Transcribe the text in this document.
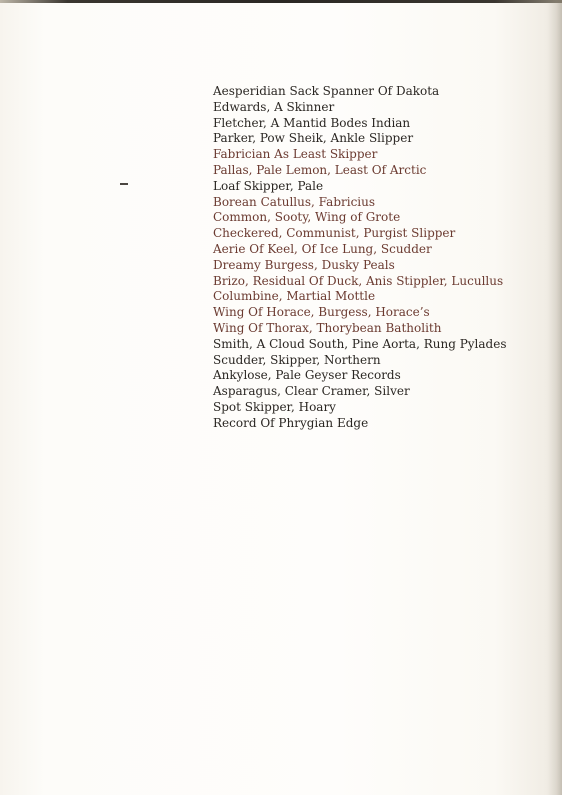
Aesperidian Sack Spanner Of Dakota
Edwards, A Skinner
Fletcher, A Mantid Bodes Indian
Parker, Pow Sheik, Ankle Slipper
Fabrician As Least Skipper
Pallas, Pale Lemon, Least Of Arctic
Loaf Skipper, Pale
Borean Catullus, Fabricius
Common, Sooty, Wing of Grote
Checkered, Communist, Purgist Slipper
Aerie Of Keel, Of Ice Lung, Scudder
Dreamy Burgess, Dusky Peals
Brizo, Residual Of Duck, Anis Stippler, Lucullus
Columbine, Martial Mottle
Wing Of Horace, Burgess, Horace’s
Wing Of Thorax, Thorybean Batholith
Smith, A Cloud South, Pine Aorta, Rung Pylades
Scudder, Skipper, Northern
Ankylose, Pale Geyser Records
Asparagus, Clear Cramer, Silver
Spot Skipper, Hoary
Record Of Phrygian Edge
